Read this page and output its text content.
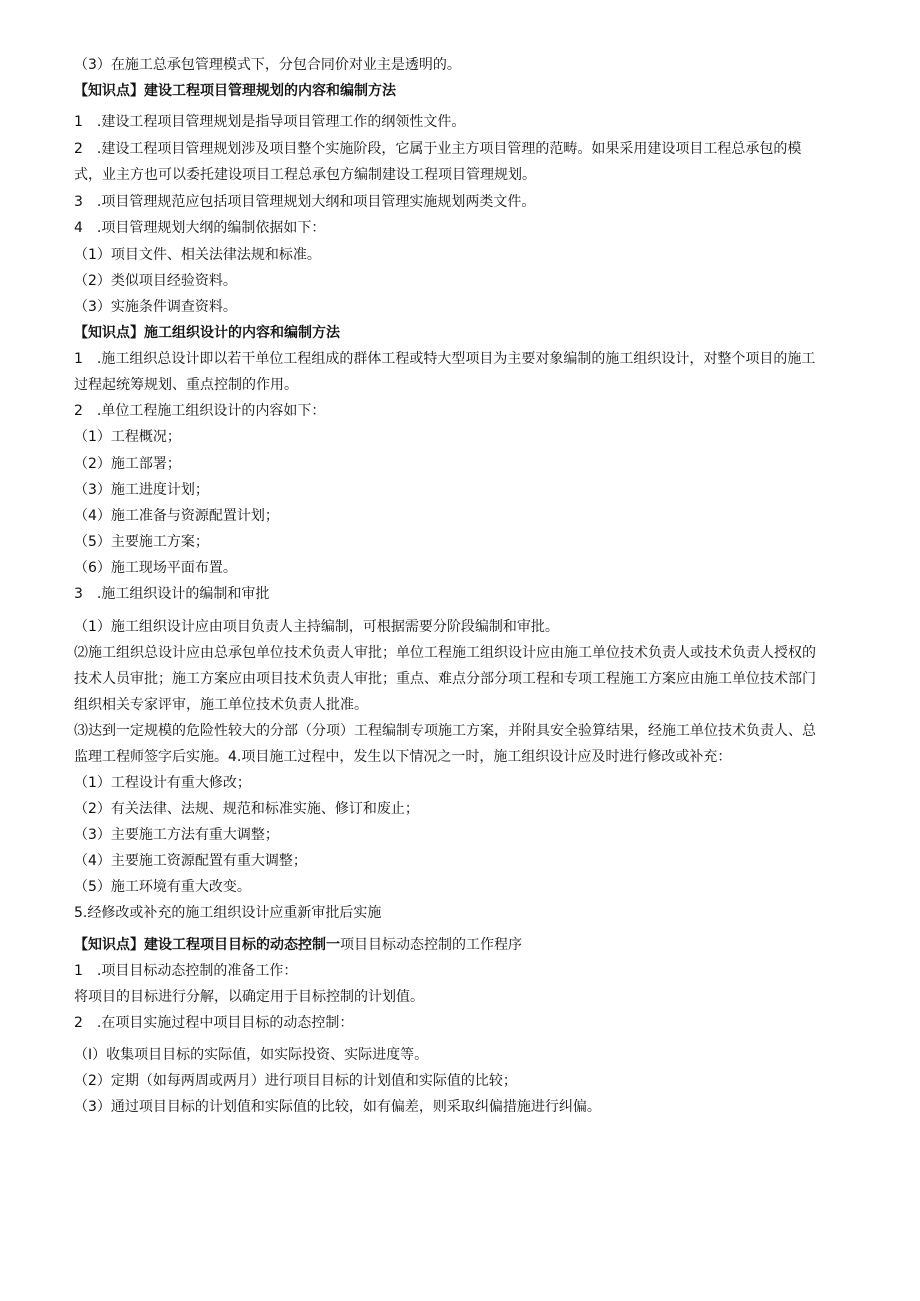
（3）在施工总承包管理模式下，分包合同价对业主是透明的。
【知识点】建设工程项目管理规划的内容和编制方法
1　.建设工程项目管理规划是指导项目管理工作的纲领性文件。
2　.建设工程项目管理规划涉及项目整个实施阶段，它属于业主方项目管理的范畴。如果采用建设项目工程总承包的模
式，业主方也可以委托建设项目工程总承包方编制建设工程项目管理规划。
3　.项目管理规范应包括项目管理规划大纲和项目管理实施规划两类文件。
4　.项目管理规划大纲的编制依据如下：
（1）项目文件、相关法律法规和标准。
（2）类似项目经验资料。
（3）实施条件调查资料。
【知识点】施工组织设计的内容和编制方法
1　.施工组织总设计即以若干单位工程组成的群体工程或特大型项目为主要对象编制的施工组织设计，对整个项目的施工
过程起统筹规划、重点控制的作用。
2　.单位工程施工组织设计的内容如下：
（1）工程概况；
（2）施工部署；
（3）施工进度计划；
（4）施工准备与资源配置计划；
（5）主要施工方案；
（6）施工现场平面布置。
3　.施工组织设计的编制和审批
（1）施工组织设计应由项目负责人主持编制，可根据需要分阶段编制和审批。
⑵施工组织总设计应由总承包单位技术负责人审批；单位工程施工组织设计应由施工单位技术负责人或技术负责人授权的
技术人员审批；施工方案应由项目技术负责人审批；重点、难点分部分项工程和专项工程施工方案应由施工单位技术部门
组织相关专家评审，施工单位技术负责人批准。
⑶达到一定规模的危险性较大的分部（分项）工程编制专项施工方案，并附具安全验算结果，经施工单位技术负责人、总
监理工程师签字后实施。4.项目施工过程中，发生以下情况之一时，施工组织设计应及时进行修改或补充：
（1）工程设计有重大修改；
（2）有关法律、法规、规范和标准实施、修订和废止；
（3）主要施工方法有重大调整；
（4）主要施工资源配置有重大调整；
（5）施工环境有重大改变。
5.经修改或补充的施工组织设计应重新审批后实施
【知识点】建设工程项目目标的动态控制一项目目标动态控制的工作程序
1　.项目目标动态控制的准备工作：
将项目的目标进行分解，以确定用于目标控制的计划值。
2　.在项目实施过程中项目目标的动态控制：
（I）收集项目目标的实际值，如实际投资、实际进度等。
（2）定期（如每两周或两月）进行项目目标的计划值和实际值的比较；
（3）通过项目目标的计划值和实际值的比较，如有偏差，则采取纠偏措施进行纠偏。
